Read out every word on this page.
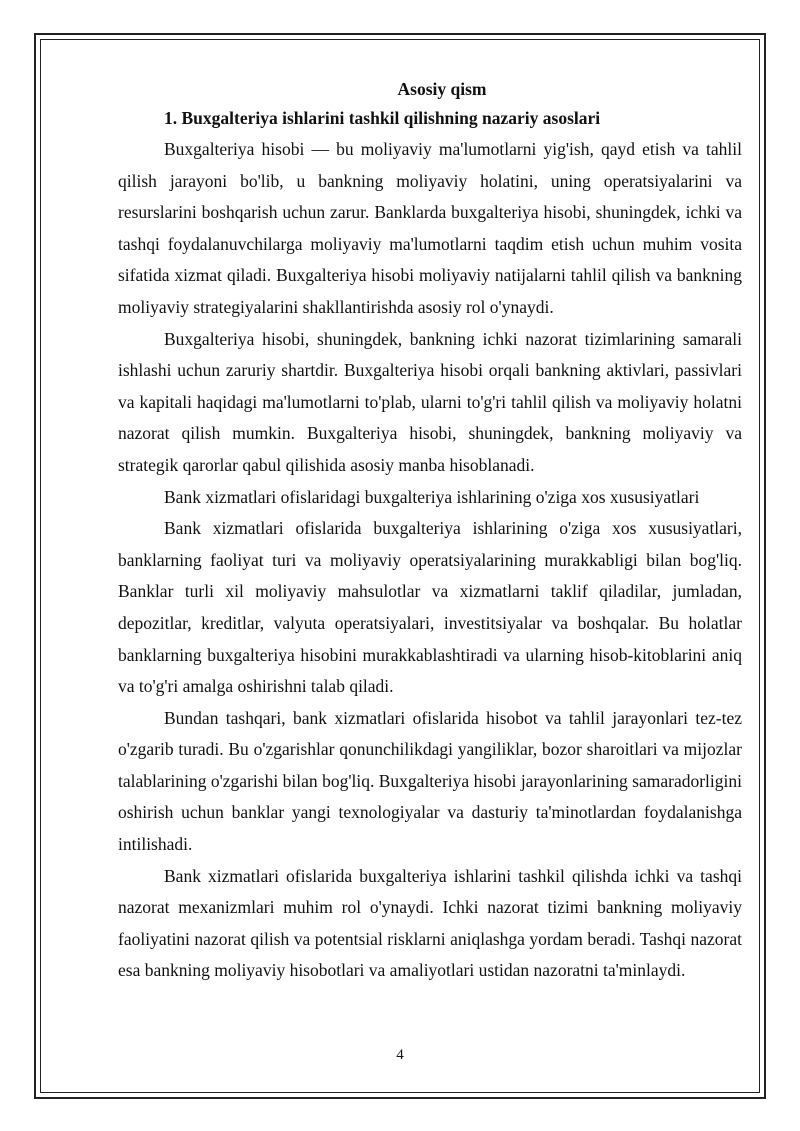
Asosiy qism

1. Buxgalteriya ishlarini tashkil qilishning nazariy asoslari

Buxgalteriya hisobi — bu moliyaviy ma'lumotlarni yig'ish, qayd etish va tahlil qilish jarayoni bo'lib, u bankning moliyaviy holatini, uning operatsiyalarini va resurslarini boshqarish uchun zarur. Banklarda buxgalteriya hisobi, shuningdek, ichki va tashqi foydalanuvchilarga moliyaviy ma'lumotlarni taqdim etish uchun muhim vosita sifatida xizmat qiladi. Buxgalteriya hisobi moliyaviy natijalarni tahlil qilish va bankning moliyaviy strategiyalarini shakllantirishda asosiy rol o'ynaydi.

Buxgalteriya hisobi, shuningdek, bankning ichki nazorat tizimlarining samarali ishlashi uchun zaruriy shartdir. Buxgalteriya hisobi orqali bankning aktivlari, passivlari va kapitali haqidagi ma'lumotlarni to'plab, ularni to'g'ri tahlil qilish va moliyaviy holatni nazorat qilish mumkin. Buxgalteriya hisobi, shuningdek, bankning moliyaviy va strategik qarorlar qabul qilishida asosiy manba hisoblanadi.

Bank xizmatlari ofislaridagi buxgalteriya ishlarining o'ziga xos xususiyatlari

Bank xizmatlari ofislarida buxgalteriya ishlarining o'ziga xos xususiyatlari, banklarning faoliyat turi va moliyaviy operatsiyalarining murakkabligi bilan bog'liq. Banklar turli xil moliyaviy mahsulotlar va xizmatlarni taklif qiladilar, jumladan, depozitlar, kreditlar, valyuta operatsiyalari, investitsiyalar va boshqalar. Bu holatlar banklarning buxgalteriya hisobini murakkablashtiradi va ularning hisob-kitoblarini aniq va to'g'ri amalga oshirishni talab qiladi.

Bundan tashqari, bank xizmatlari ofislarida hisobot va tahlil jarayonlari tez-tez o'zgarib turadi. Bu o'zgarishlar qonunchilikdagi yangiliklar, bozor sharoitlari va mijozlar talablarining o'zgarishi bilan bog'liq. Buxgalteriya hisobi jarayonlarining samaradorligini oshirish uchun banklar yangi texnologiyalar va dasturiy ta'minotlardan foydalanishga intilishadi.

Bank xizmatlari ofislarida buxgalteriya ishlarini tashkil qilishda ichki va tashqi nazorat mexanizmlari muhim rol o'ynaydi. Ichki nazorat tizimi bankning moliyaviy faoliyatini nazorat qilish va potentsial risklarni aniqlashga yordam beradi. Tashqi nazorat esa bankning moliyaviy hisobotlari va amaliyotlari ustidan nazoratni ta'minlaydi.

4
